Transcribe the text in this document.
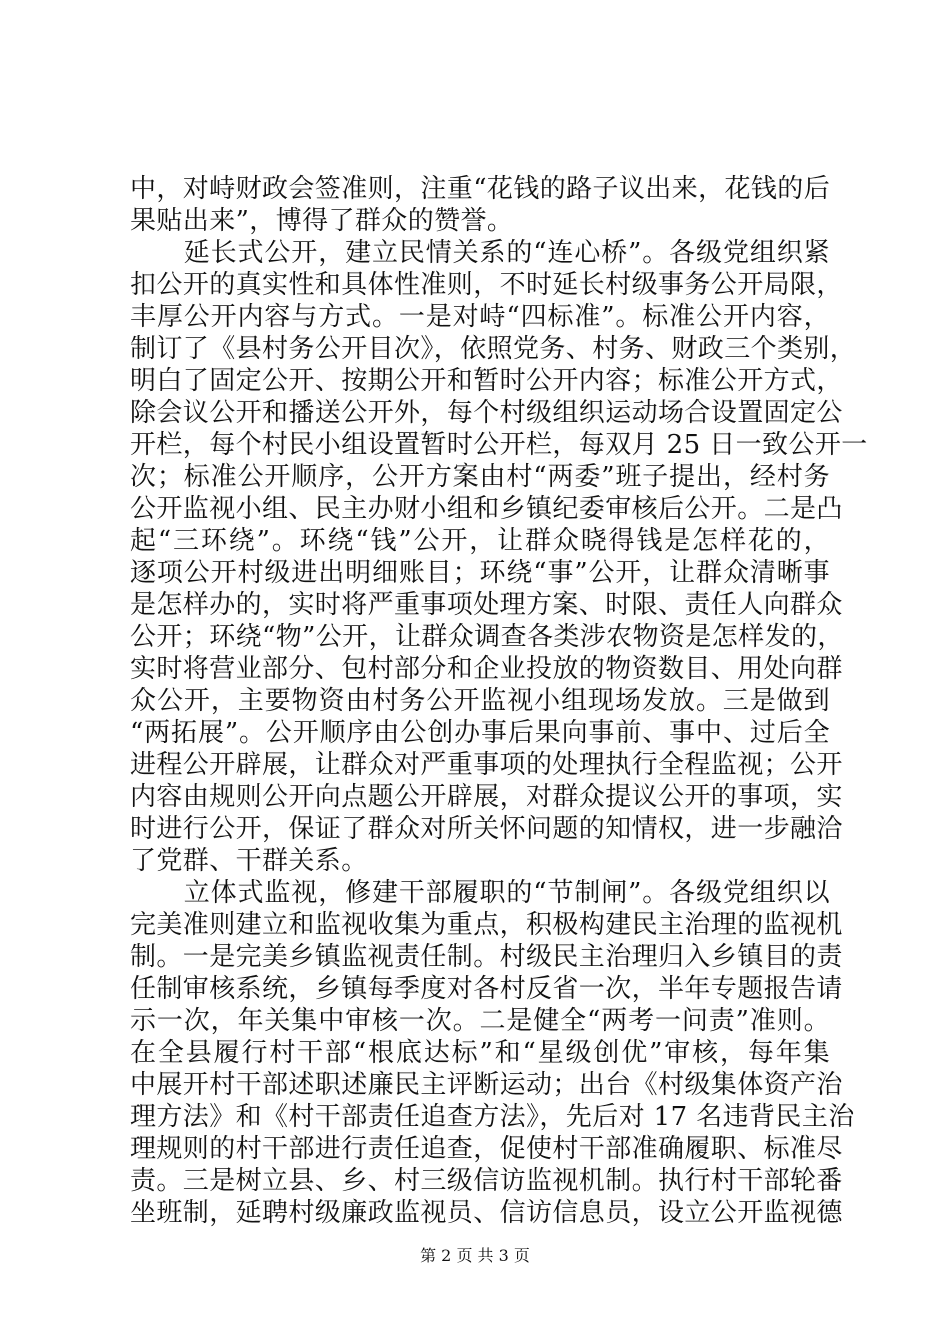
中，对峙财政会签准则，注重“花钱的路子议出来，花钱的后
果贴出来”，博得了群众的赞誉。
　　延长式公开，建立民情关系的“连心桥”。各级党组织紧
扣公开的真实性和具体性准则，不时延长村级事务公开局限，
丰厚公开内容与方式。一是对峙“四标准”。标准公开内容，
制订了《县村务公开目次》，依照党务、村务、财政三个类别，
明白了固定公开、按期公开和暂时公开内容；标准公开方式，
除会议公开和播送公开外，每个村级组织运动场合设置固定公
开栏，每个村民小组设置暂时公开栏，每双月 25 日一致公开一
次；标准公开顺序，公开方案由村“两委”班子提出，经村务
公开监视小组、民主办财小组和乡镇纪委审核后公开。二是凸
起“三环绕”。环绕“钱”公开，让群众晓得钱是怎样花的，
逐项公开村级进出明细账目；环绕“事”公开，让群众清晰事
是怎样办的，实时将严重事项处理方案、时限、责任人向群众
公开；环绕“物”公开，让群众调查各类涉农物资是怎样发的，
实时将营业部分、包村部分和企业投放的物资数目、用处向群
众公开，主要物资由村务公开监视小组现场发放。三是做到
“两拓展”。公开顺序由公创办事后果向事前、事中、过后全
进程公开辟展，让群众对严重事项的处理执行全程监视；公开
内容由规则公开向点题公开辟展，对群众提议公开的事项，实
时进行公开，保证了群众对所关怀问题的知情权，进一步融洽
了党群、干群关系。
　　立体式监视，修建干部履职的“节制闸”。各级党组织以
完美准则建立和监视收集为重点，积极构建民主治理的监视机
制。一是完美乡镇监视责任制。村级民主治理归入乡镇目的责
任制审核系统，乡镇每季度对各村反省一次，半年专题报告请
示一次，年关集中审核一次。二是健全“两考一问责”准则。
在全县履行村干部“根底达标”和“星级创优”审核，每年集
中展开村干部述职述廉民主评断运动；出台《村级集体资产治
理方法》和《村干部责任追查方法》，先后对 17 名违背民主治
理规则的村干部进行责任追查，促使村干部准确履职、标准尽
责。三是树立县、乡、村三级信访监视机制。执行村干部轮番
坐班制，延聘村级廉政监视员、信访信息员，设立公开监视德
第 2 页 共 3 页
